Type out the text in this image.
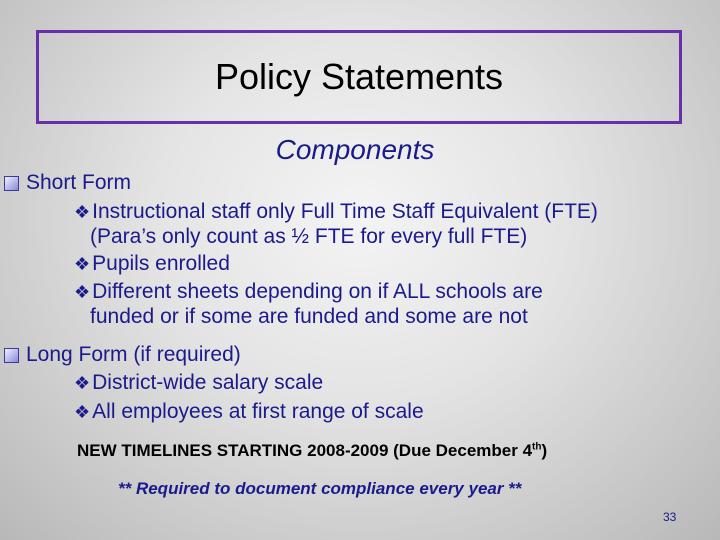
Policy Statements
Components
Short Form
❖Instructional staff only Full Time Staff Equivalent (FTE)
(Para’s only count as ½ FTE for every full FTE)
❖Pupils enrolled
❖Different sheets depending on if ALL schools are
funded or if some are funded and some are not
Long Form (if required)
❖District-wide salary scale
❖All employees at first range of scale
NEW TIMELINES STARTING 2008-2009 (Due December 4th)
** Required to document compliance every year **
33
